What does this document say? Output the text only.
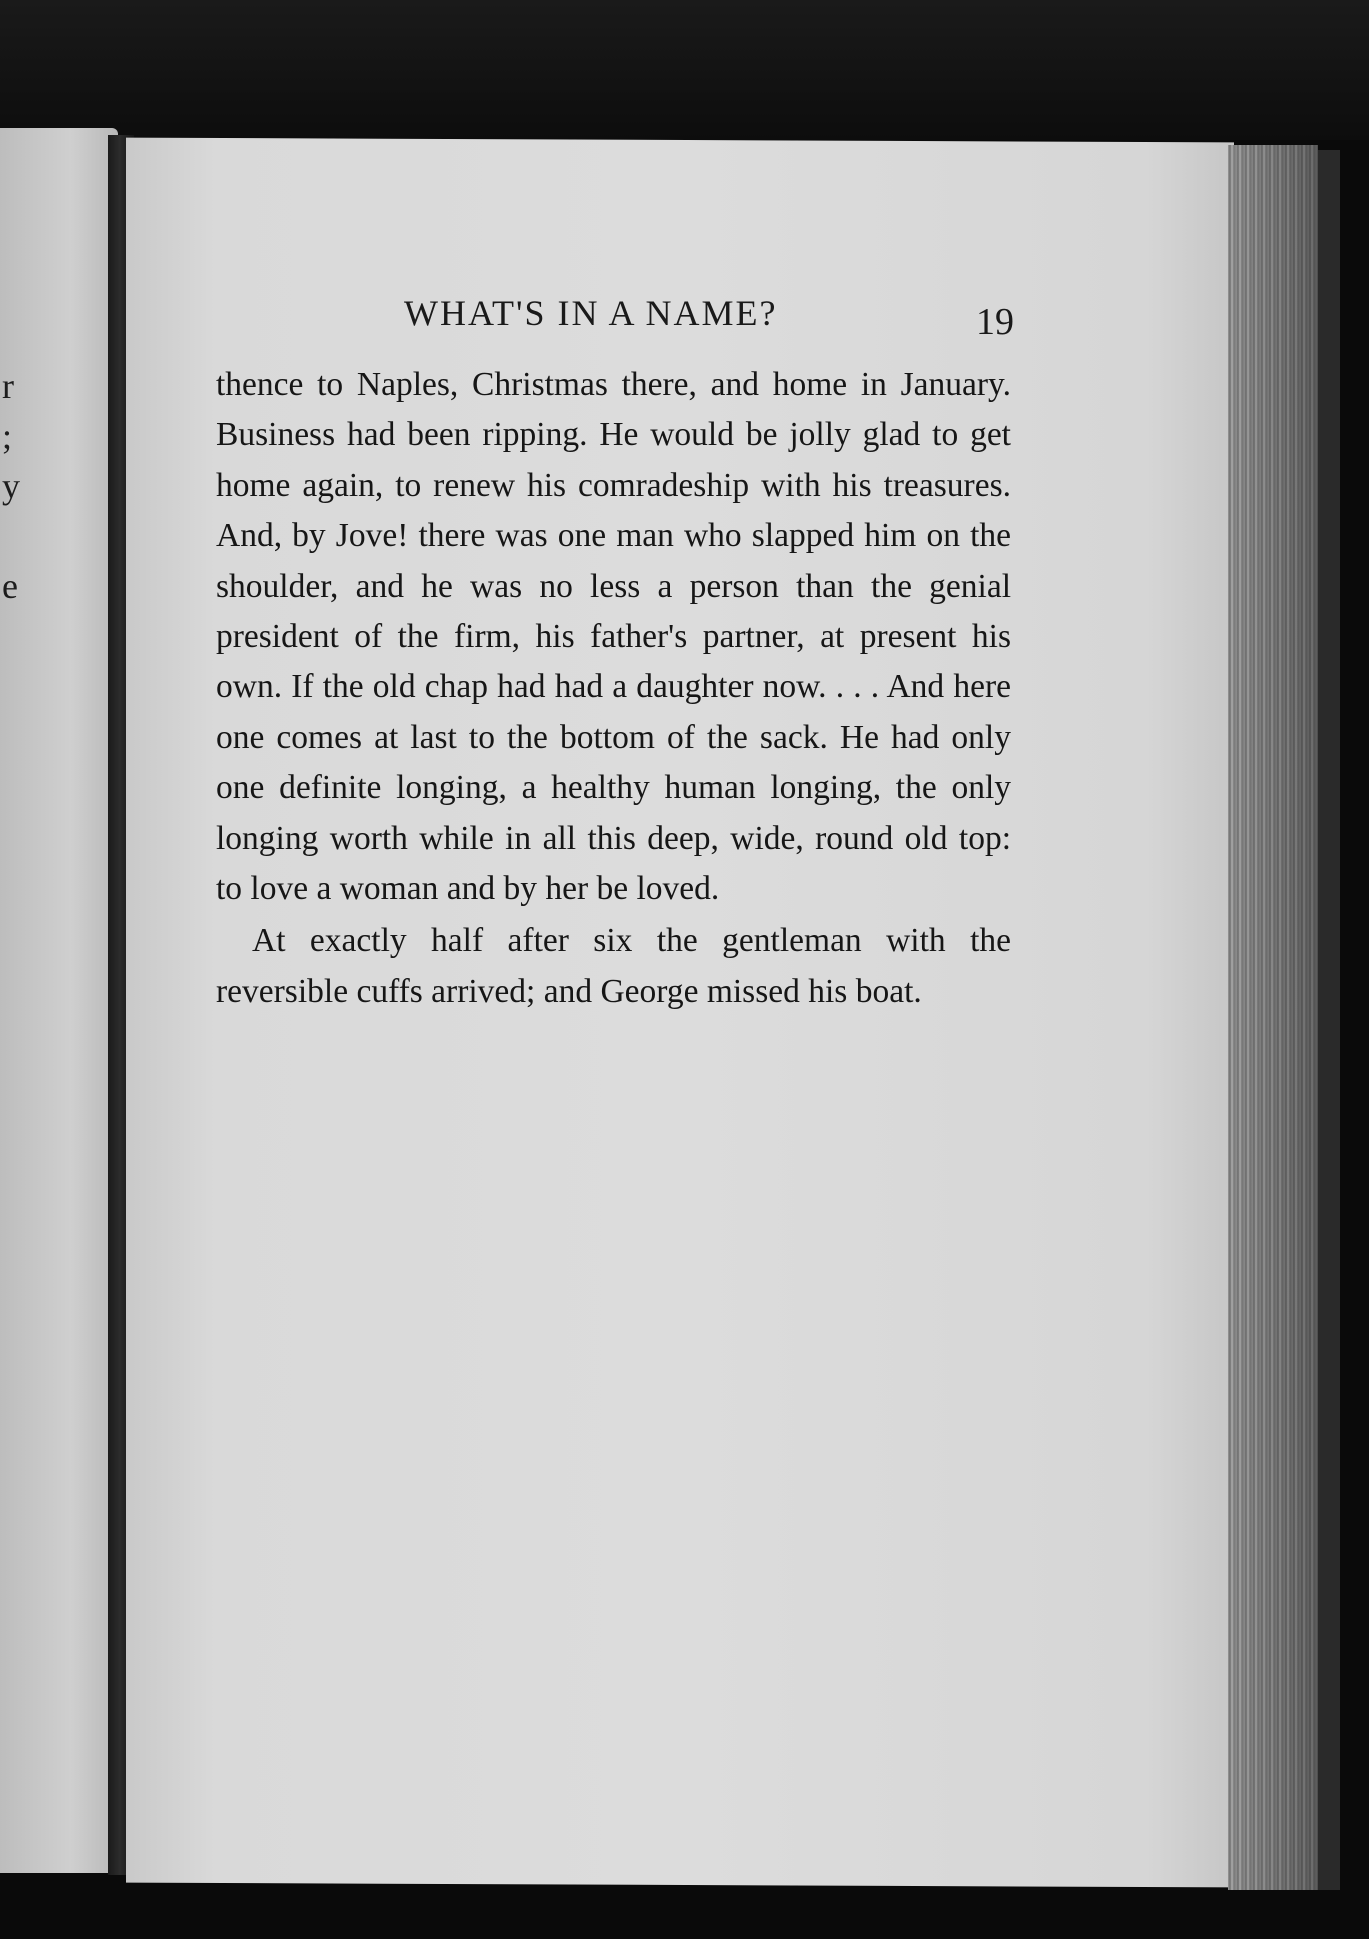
r
;
y
e
WHAT'S IN A NAME?	19

thence to Naples, Christmas there, and home in January. Business had been ripping. He would be jolly glad to get home again, to renew his comradeship with his treasures. And, by Jove! there was one man who slapped him on the shoulder, and he was no less a person than the genial president of the firm, his father's partner, at present his own. If the old chap had had a daughter now. . . . And here one comes at last to the bottom of the sack. He had only one definite longing, a healthy human longing, the only longing worth while in all this deep, wide, round old top: to love a woman and by her be loved.

At exactly half after six the gentleman with the reversible cuffs arrived; and George missed his boat.
